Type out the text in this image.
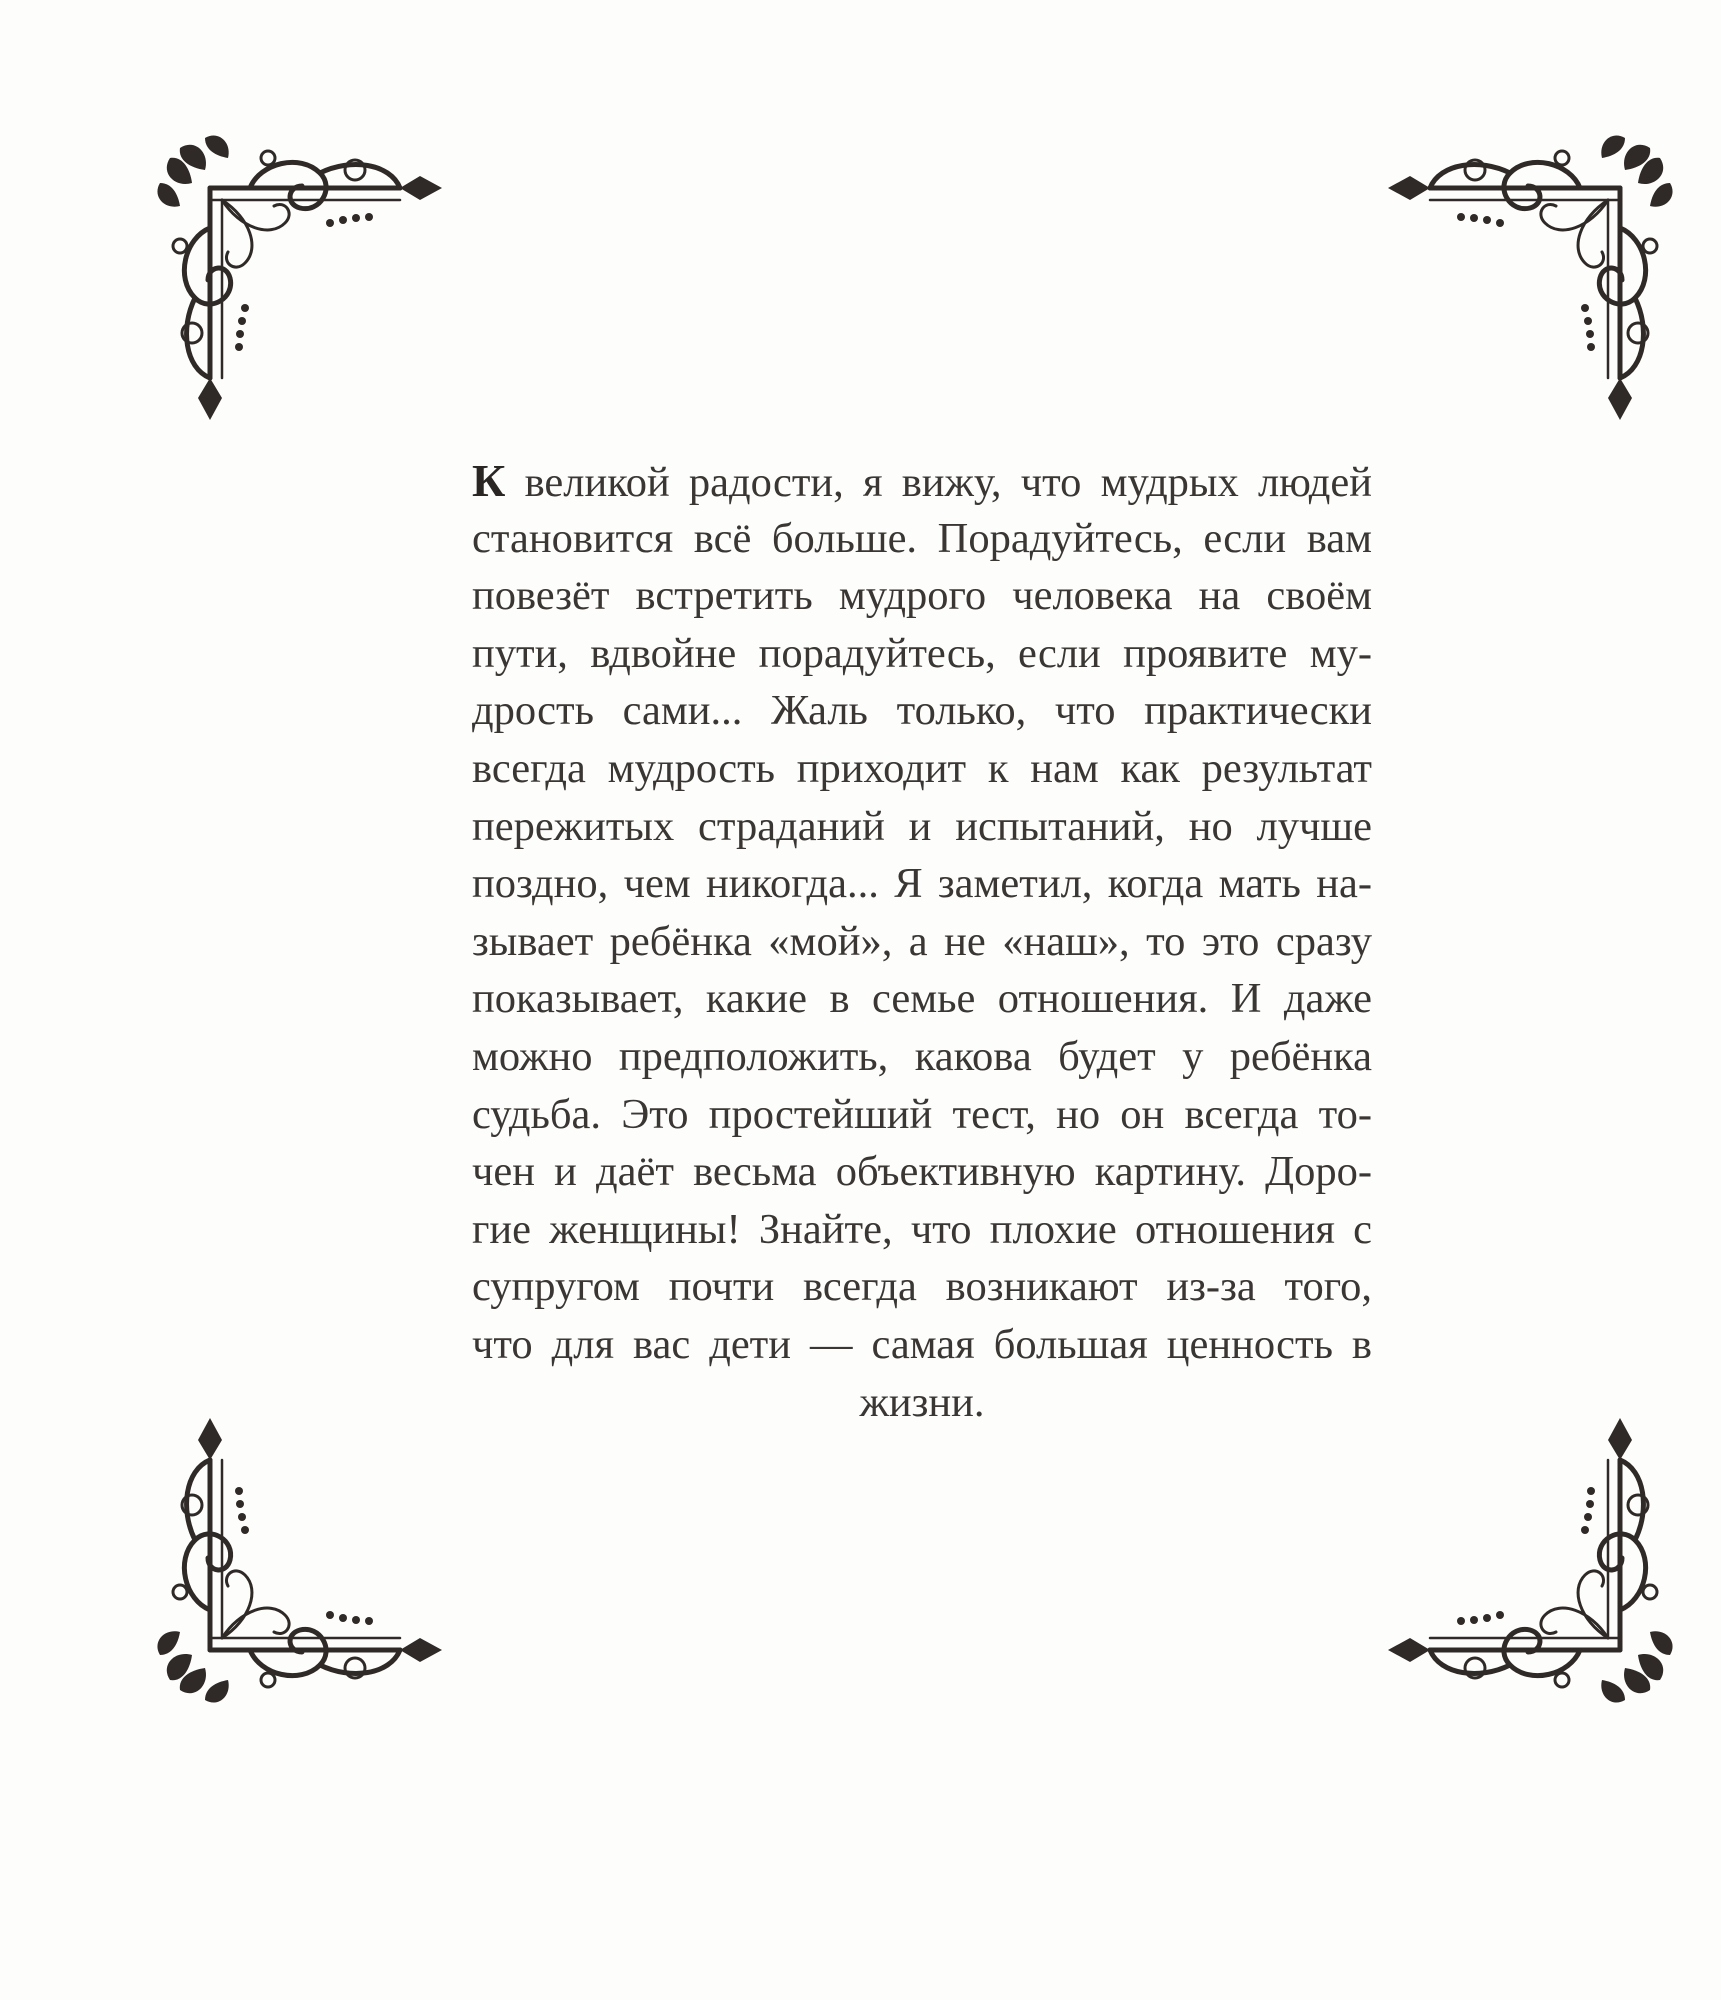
К великой радости, я вижу, что мудрых людей
становится всё больше. Порадуйтесь, если вам
повезёт встретить мудрого человека на своём
пути, вдвойне порадуйтесь, если проявите му-
дрость сами... Жаль только, что практически
всегда мудрость приходит к нам как результат
пережитых страданий и испытаний, но лучше
поздно, чем никогда... Я заметил, когда мать на-
зывает ребёнка «мой», а не «наш», то это сразу
показывает, какие в семье отношения. И даже
можно предположить, какова будет у ребёнка
судьба. Это простейший тест, но он всегда то-
чен и даёт весьма объективную картину. Доро-
гие женщины! Знайте, что плохие отношения с
супругом почти всегда возникают из-за того,
что для вас дети — самая большая ценность в
жизни.
